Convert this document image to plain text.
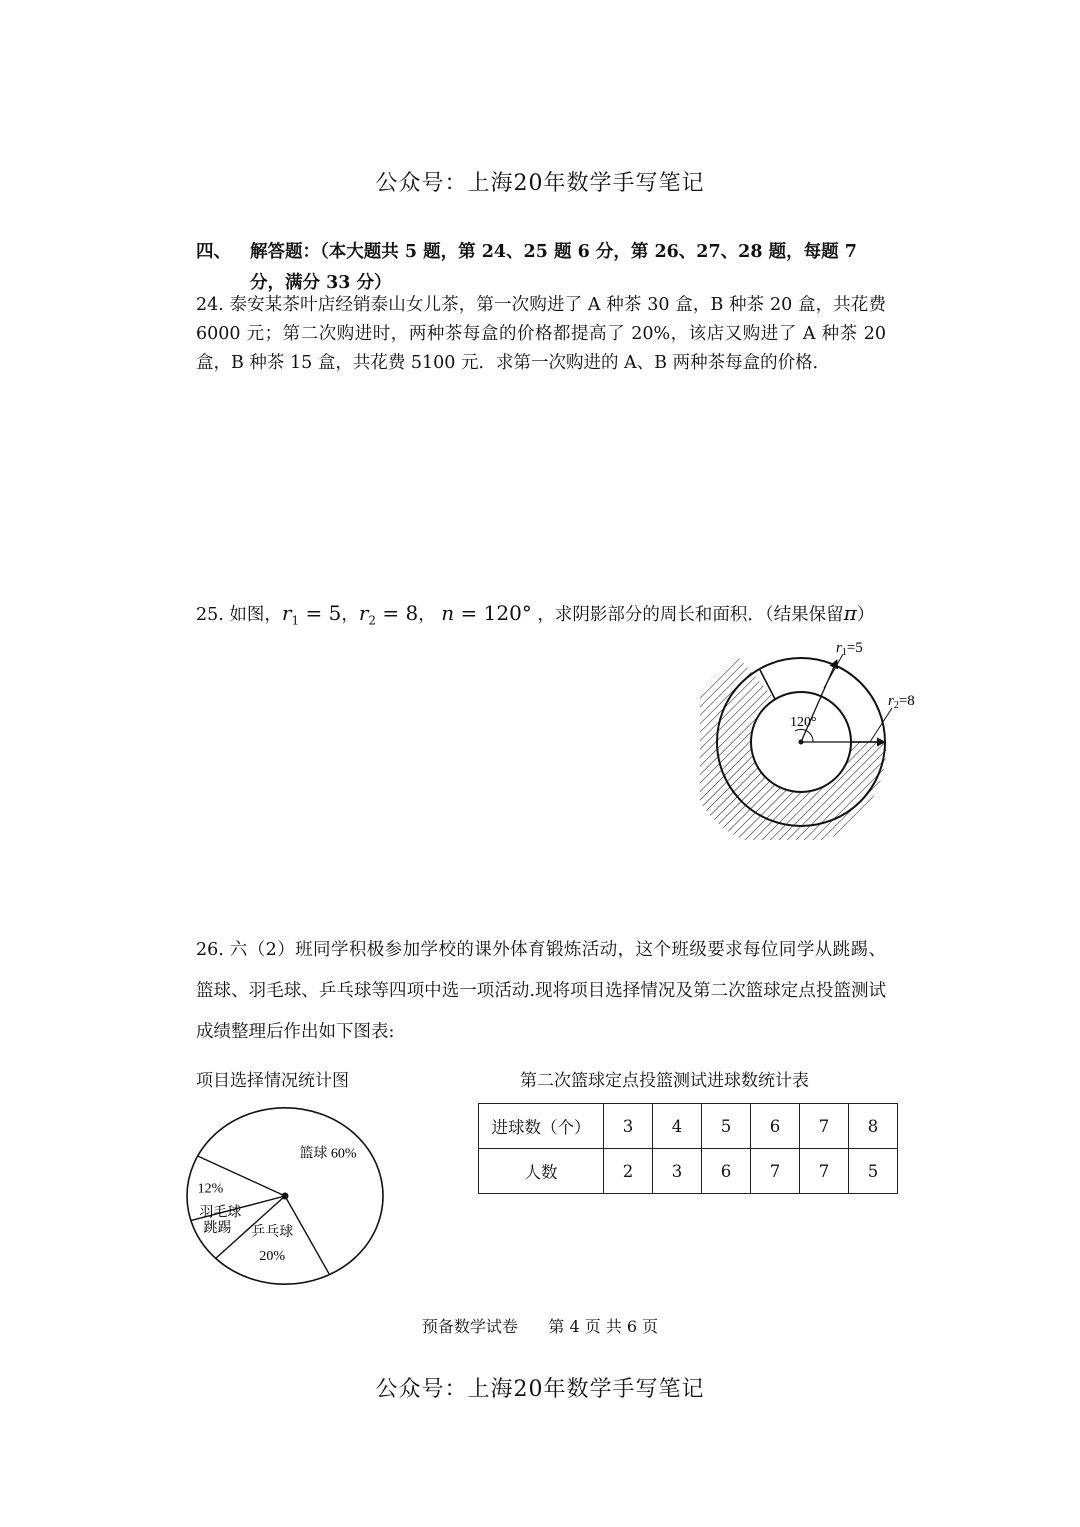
公众号：上海20年数学手写笔记
四、 解答题：（本大题共 5 题，第 24、25 题 6 分，第 26、27、28 题，每题 7
分，满分 33 分）
24. 泰安某茶叶店经销泰山女儿茶，第一次购进了 A 种茶 30 盒，B 种茶 20 盒，共花费 6000 元；第二次购进时，两种茶每盒的价格都提高了 20%，该店又购进了 A 种茶 20 盒，B 种茶 15 盒，共花费 5100 元．求第一次购进的 A、B 两种茶每盒的价格．
25. 如图，$r_1 = 5$，$r_2 = 8$， n = 120° ，求阴影部分的周长和面积．（结果保留π）
120°
$r_1=5$
$r_2=8$
26. 六（2）班同学积极参加学校的课外体育锻炼活动，这个班级要求每位同学从跳踢、篮球、羽毛球、乒乓球等四项中选一项活动.现将项目选择情况及第二次篮球定点投篮测试成绩整理后作出如下图表:
项目选择情况统计图	第二次篮球定点投篮测试进球数统计表
篮球 60%
乒乓球 20%
跳踢
12%羽毛球
进球数（个）	3	4	5	6	7	8
人数	2	3	6	7	7	5
预备数学试卷 第 4 页 共 6 页
公众号：上海20年数学手写笔记
